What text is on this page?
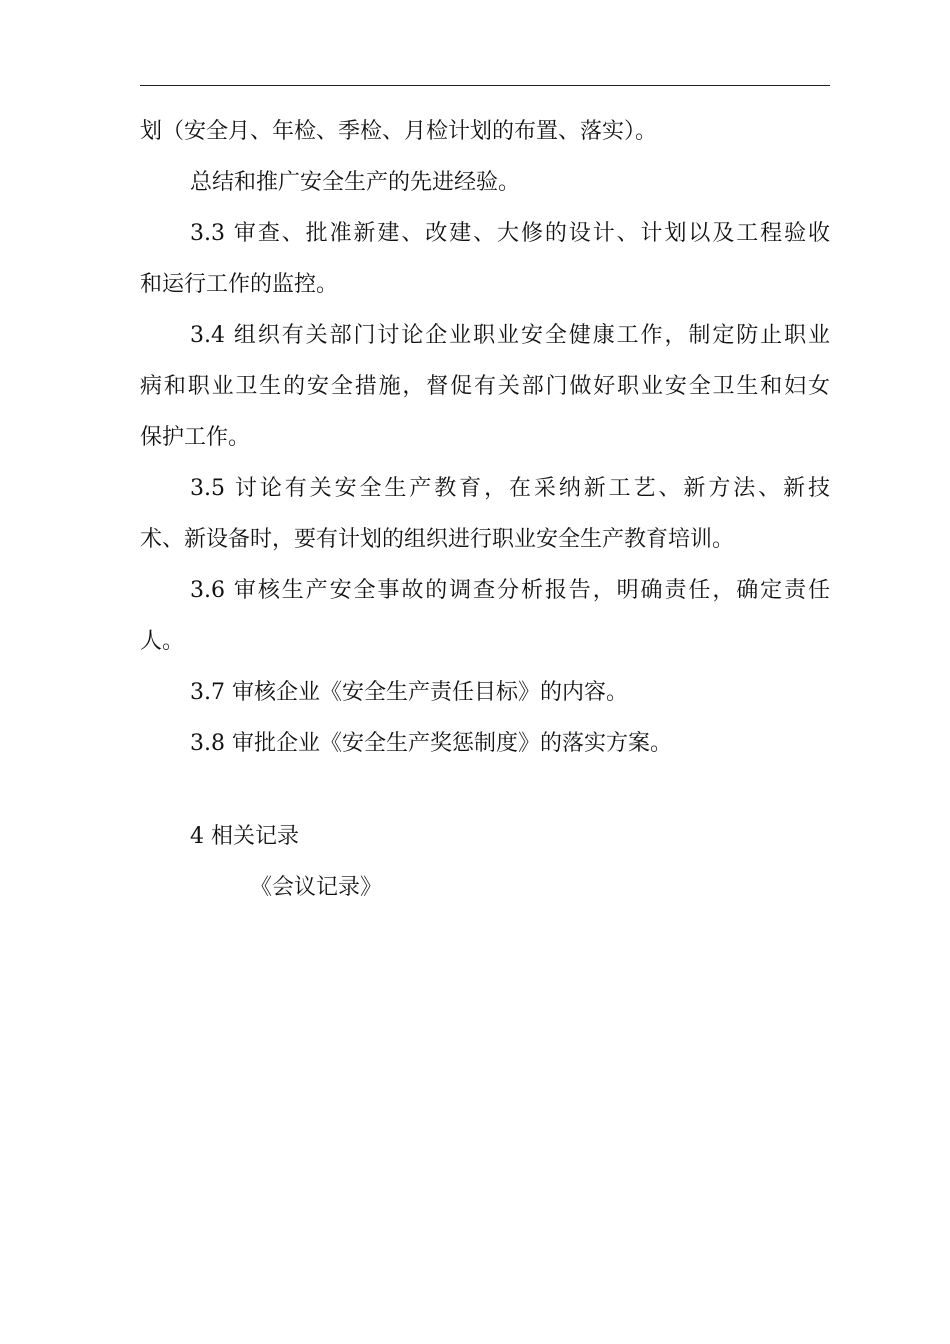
划（安全月、年检、季检、月检计划的布置、落实）。

总结和推广安全生产的先进经验。

3.3 审查、批准新建、改建、大修的设计、计划以及工程验收
和运行工作的监控。

3.4 组织有关部门讨论企业职业安全健康工作，制定防止职业
病和职业卫生的安全措施，督促有关部门做好职业安全卫生和妇女
保护工作。

3.5 讨论有关安全生产教育，在采纳新工艺、新方法、新技
术、新设备时，要有计划的组织进行职业安全生产教育培训。

3.6 审核生产安全事故的调查分析报告，明确责任，确定责任
人。

3.7 审核企业《安全生产责任目标》的内容。

3.8 审批企业《安全生产奖惩制度》的落实方案。

4 相关记录

《会议记录》
